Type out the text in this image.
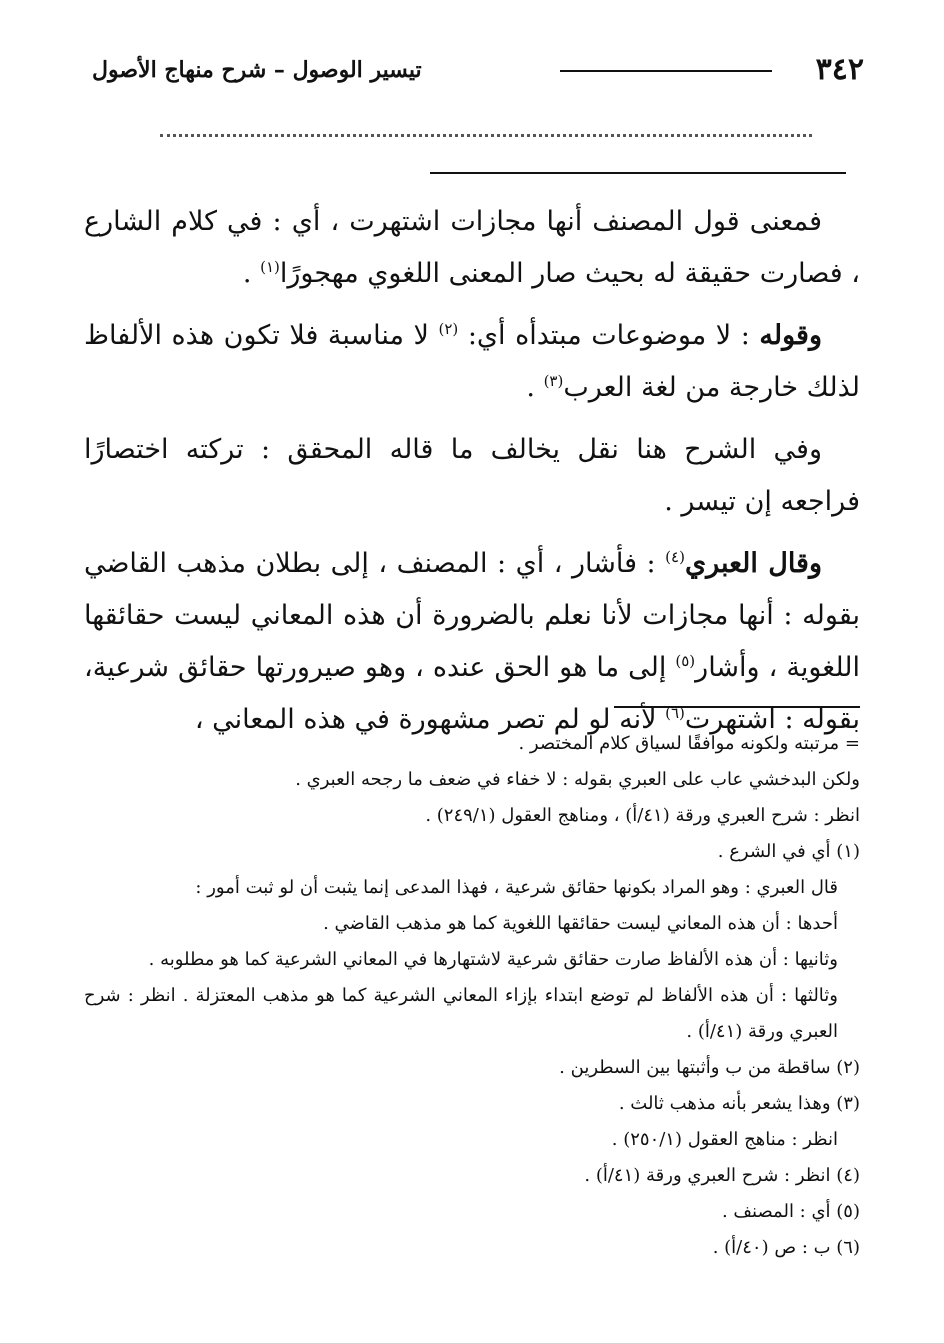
٣٤٢
تيسير الوصول – شرح منهاج الأصول

فمعنى قول المصنف أنها مجازات اشتهرت ، أي : في كلام الشارع ، فصارت حقيقة له بحيث صار المعنى اللغوي مهجورًا$^{(١)}$ .

وقوله : لا موضوعات مبتدأه أي: $^{(٢)}$ لا مناسبة فلا تكون هذه الألفاظ لذلك خارجة من لغة العرب$^{(٣)}$ .

وفي الشرح هنا نقل يخالف ما قاله المحقق : تركته اختصارًا فراجعه إن تيسر .

وقال العبري$^{(٤)}$ : فأشار ، أي : المصنف ، إلى بطلان مذهب القاضي بقوله : أنها مجازات لأنا نعلم بالضرورة أن هذه المعاني ليست حقائقها اللغوية ، وأشار$^{(٥)}$ إلى ما هو الحق عنده ، وهو صيرورتها حقائق شرعية، بقوله : اشتهرت$^{(٦)}$ لأنه لو لم تصر مشهورة في هذه المعاني ،

= مرتبته ولكونه موافقًا لسياق كلام المختصر .

ولكن البدخشي عاب على العبري بقوله : لا خفاء في ضعف ما رجحه العبري .

انظر : شرح العبري ورقة (٤١/أ) ، ومناهج العقول (٢٤٩/١) .

(١) أي في الشرع .

قال العبري : وهو المراد بكونها حقائق شرعية ، فهذا المدعى إنما يثبت أن لو ثبت أمور :

أحدها : أن هذه المعاني ليست حقائقها اللغوية كما هو مذهب القاضي .

وثانيها : أن هذه الألفاظ صارت حقائق شرعية لاشتهارها في المعاني الشرعية كما هو مطلوبه .

وثالثها : أن هذه الألفاظ لم توضع ابتداء بإزاء المعاني الشرعية كما هو مذهب المعتزلة . انظر : شرح العبري ورقة (٤١/أ) .

(٢) ساقطة من ب وأثبتها بين السطرين .

(٣) وهذا يشعر بأنه مذهب ثالث .

انظر : مناهج العقول (٢٥٠/١) .

(٤) انظر : شرح العبري ورقة (٤١/أ) .

(٥) أي : المصنف .

(٦) ب : ص (٤٠/أ) .
